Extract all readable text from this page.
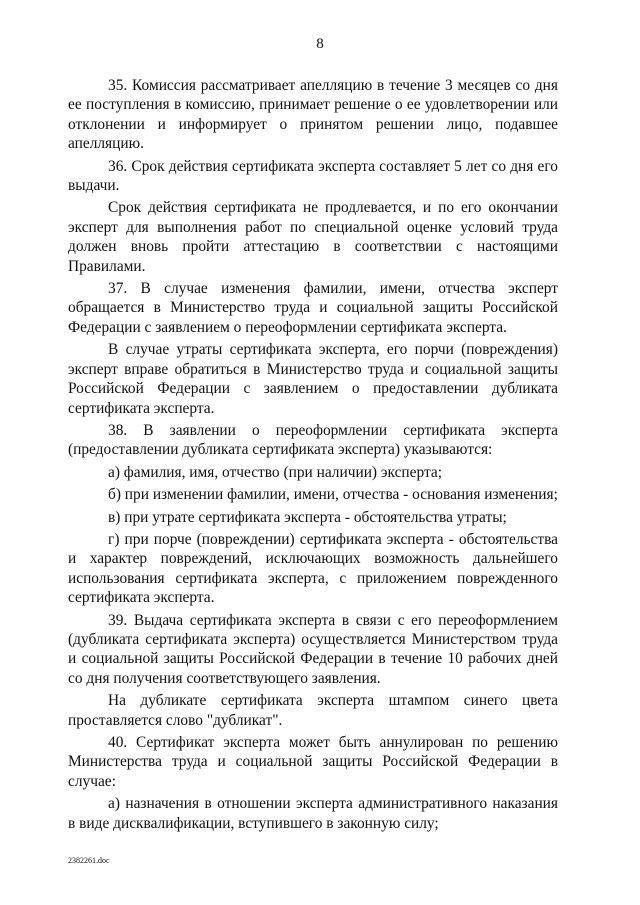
8

35. Комиссия рассматривает апелляцию в течение 3 месяцев со дня ее поступления в комиссию, принимает решение о ее удовлетворении или отклонении и информирует о принятом решении лицо, подавшее апелляцию.

36. Срок действия сертификата эксперта составляет 5 лет со дня его выдачи.

Срок действия сертификата не продлевается, и по его окончании эксперт для выполнения работ по специальной оценке условий труда должен вновь пройти аттестацию в соответствии с настоящими Правилами.

37. В случае изменения фамилии, имени, отчества эксперт обращается в Министерство труда и социальной защиты Российской Федерации с заявлением о переоформлении сертификата эксперта.

В случае утраты сертификата эксперта, его порчи (повреждения) эксперт вправе обратиться в Министерство труда и социальной защиты Российской Федерации с заявлением о предоставлении дубликата сертификата эксперта.

38. В заявлении о переоформлении сертификата эксперта (предоставлении дубликата сертификата эксперта) указываются:

а) фамилия, имя, отчество (при наличии) эксперта;

б) при изменении фамилии, имени, отчества - основания изменения;

в) при утрате сертификата эксперта - обстоятельства утраты;

г) при порче (повреждении) сертификата эксперта - обстоятельства и характер повреждений, исключающих возможность дальнейшего использования сертификата эксперта, с приложением поврежденного сертификата эксперта.

39. Выдача сертификата эксперта в связи с его переоформлением (дубликата сертификата эксперта) осуществляется Министерством труда и социальной защиты Российской Федерации в течение 10 рабочих дней со дня получения соответствующего заявления.

На дубликате сертификата эксперта штампом синего цвета проставляется слово "дубликат".

40. Сертификат эксперта может быть аннулирован по решению Министерства труда и социальной защиты Российской Федерации в случае:

а) назначения в отношении эксперта административного наказания в виде дисквалификации, вступившего в законную силу;

2382261.doc
